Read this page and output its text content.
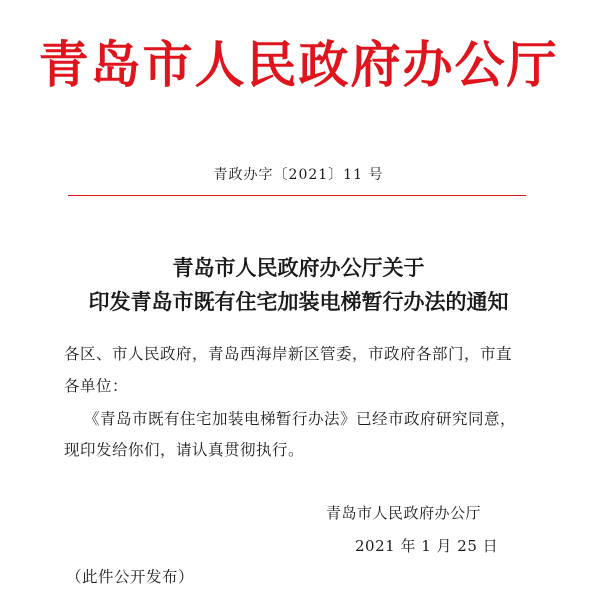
青岛市人民政府办公厅
青政办字〔2021〕11 号
青岛市人民政府办公厅关于
印发青岛市既有住宅加装电梯暂行办法的通知
各区、市人民政府，青岛西海岸新区管委，市政府各部门，市直
各单位：
《青岛市既有住宅加装电梯暂行办法》已经市政府研究同意，
现印发给你们，请认真贯彻执行。
青岛市人民政府办公厅
2021 年 1 月 25 日
（此件公开发布）
